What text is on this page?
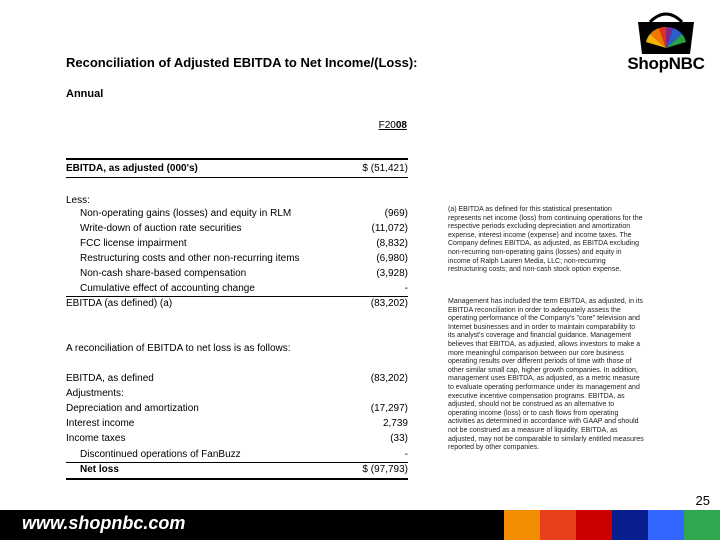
Reconciliation of Adjusted EBITDA to Net Income/(Loss):
Annual
F2008
ShopNBC
EBITDA, as adjusted (000's)	$ (51,421)
Less:
Non-operating gains (losses) and equity in RLM	(969)
Write-down of auction rate securities	(11,072)
FCC license impairment	(8,832)
Restructuring costs and other non-recurring items	(6,980)
Non-cash share-based compensation	(3,928)
Cumulative effect of accounting change	-
EBITDA (as defined) (a)	(83,202)
A reconciliation of EBITDA to net loss is as follows:
EBITDA, as defined	(83,202)
Adjustments:
Depreciation and amortization	(17,297)
Interest income	2,739
Income taxes	(33)
Discontinued operations of FanBuzz	-
Net loss	$ (97,793)
(a) EBITDA as defined for this statistical presentation represents net income (loss) from continuing operations for the respective periods excluding depreciation and amortization expense, interest income (expense) and income taxes. The Company defines EBITDA, as adjusted, as EBITDA excluding non-recurring non-operating gains (losses) and equity in income of Ralph Lauren Media, LLC; non-recurring restructuring costs; and non-cash stock option expense.
Management has included the term EBITDA, as adjusted, in its EBITDA reconciliation in order to adequately assess the operating performance of the Company's "core" television and Internet businesses and in order to maintain comparability to its analyst's coverage and financial guidance. Management believes that EBITDA, as adjusted, allows investors to make a more meaningful comparison between our core business operating results over different periods of time with those of other similar small cap, higher growth companies. In addition, management uses EBITDA, as adjusted, as a metric measure to evaluate operating performance under its management and executive incentive compensation programs. EBITDA, as adjusted, should not be construed as an alternative to operating income (loss) or to cash flows from operating activities as determined in accordance with GAAP and should not be construed as a measure of liquidity. EBITDA, as adjusted, may not be comparable to similarly entitled measures reported by other companies.
25
www.shopnbc.com
